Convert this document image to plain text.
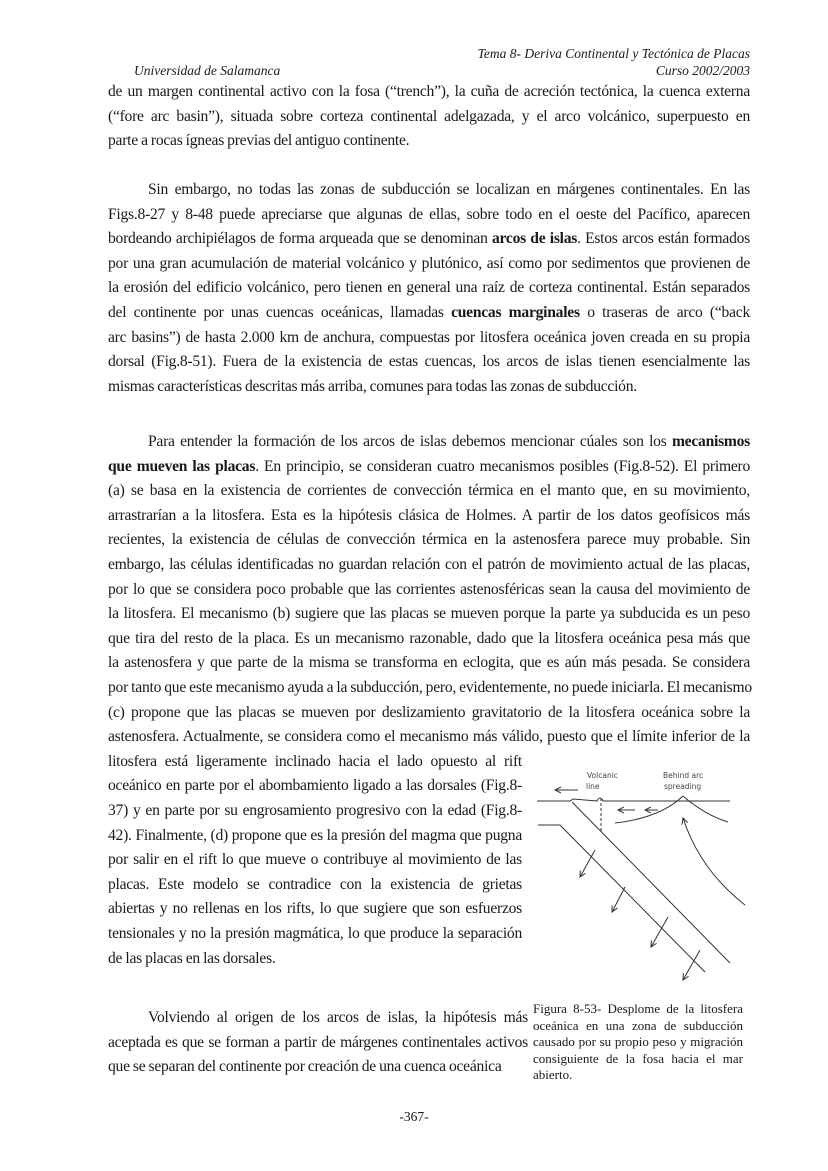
Tema 8- Deriva Continental y Tectónica de Placas
Universidad de Salamanca	Curso 2002/2003
de un margen continental activo con la fosa (“trench”), la cuña de acreción tectónica, la cuenca externa
(“fore arc basin”), situada sobre corteza continental adelgazada, y el arco volcánico, superpuesto en
parte a rocas ígneas previas del antiguo continente.
Sin embargo, no todas las zonas de subducción se localizan en márgenes continentales. En las
Figs.8-27 y 8-48 puede apreciarse que algunas de ellas, sobre todo en el oeste del Pacífico, aparecen
bordeando archipiélagos de forma arqueada que se denominan arcos de islas. Estos arcos están formados
por una gran acumulación de material volcánico y plutónico, así como por sedimentos que provienen de
la erosión del edificio volcánico, pero tienen en general una raíz de corteza continental. Están separados
del continente por unas cuencas oceánicas, llamadas cuencas marginales o traseras de arco (“back
arc basins”) de hasta 2.000 km de anchura, compuestas por litosfera oceánica joven creada en su propia
dorsal (Fig.8-51). Fuera de la existencia de estas cuencas, los arcos de islas tienen esencialmente las
mismas características descritas más arriba, comunes para todas las zonas de subducción.
Para entender la formación de los arcos de islas debemos mencionar cúales son los mecanismos
que mueven las placas. En principio, se consideran cuatro mecanismos posibles (Fig.8-52). El primero
(a) se basa en la existencia de corrientes de convección térmica en el manto que, en su movimiento,
arrastrarían a la litosfera. Esta es la hipótesis clásica de Holmes. A partir de los datos geofísicos más
recientes, la existencia de células de convección térmica en la astenosfera parece muy probable. Sin
embargo, las células identificadas no guardan relación con el patrón de movimiento actual de las placas,
por lo que se considera poco probable que las corrientes astenosféricas sean la causa del movimiento de
la litosfera. El mecanismo (b) sugiere que las placas se mueven porque la parte ya subducida es un peso
que tira del resto de la placa. Es un mecanismo razonable, dado que la litosfera oceánica pesa más que
la astenosfera y que parte de la misma se transforma en eclogita, que es aún más pesada. Se considera
por tanto que este mecanismo ayuda a la subducción, pero, evidentemente, no puede iniciarla. El mecanismo
(c) propone que las placas se mueven por deslizamiento gravitatorio de la litosfera oceánica sobre la
astenosfera. Actualmente, se considera como el mecanismo más válido, puesto que el límite inferior de la
litosfera está ligeramente inclinado hacia el lado opuesto al rift
oceánico en parte por el abombamiento ligado a las dorsales (Fig.8-
37) y en parte por su engrosamiento progresivo con la edad (Fig.8-
42). Finalmente, (d) propone que es la presión del magma que pugna
por salir en el rift lo que mueve o contribuye al movimiento de las
placas. Este modelo se contradice con la existencia de grietas
abiertas y no rellenas en los rifts, lo que sugiere que son esfuerzos
tensionales y no la presión magmática, lo que produce la separación
de las placas en las dorsales.
Volviendo al origen de los arcos de islas, la hipótesis más
aceptada es que se forman a partir de márgenes continentales activos
que se separan del continente por creación de una cuenca oceánica
Volcanic
line
Behind arc
spreading
Figura 8-53- Desplome de la litosfera oceánica en una zona de subducción causado por su propio peso y migración consiguiente de la fosa hacia el mar abierto.
-367-
